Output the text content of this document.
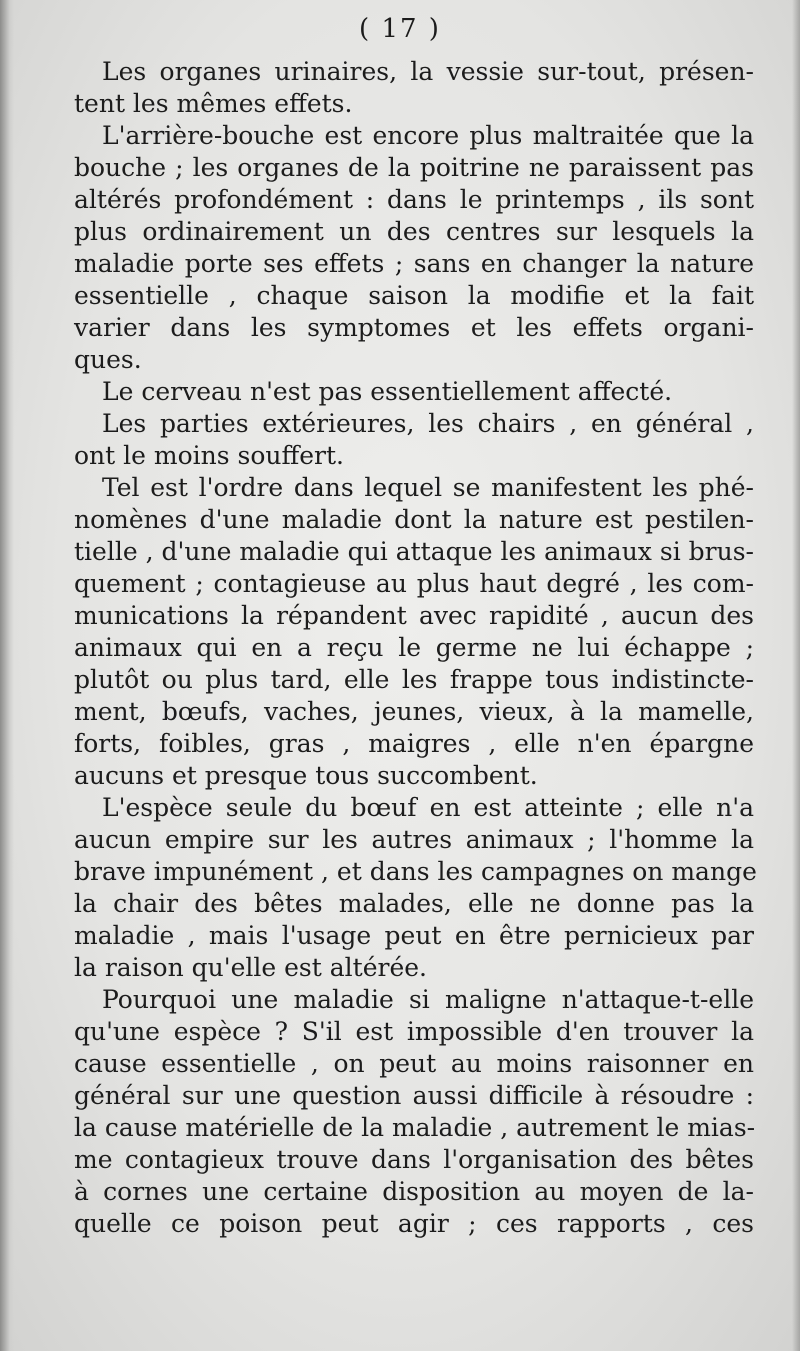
( 17 )
Les organes urinaires, la vessie sur-tout, présen-
tent les mêmes effets.
L'arrière-bouche est encore plus maltraitée que la
bouche ; les organes de la poitrine ne paraissent pas
altérés profondément : dans le printemps , ils sont
plus ordinairement un des centres sur lesquels la
maladie porte ses effets ; sans en changer la nature
essentielle , chaque saison la modifie et la fait
varier dans les symptomes et les effets organi-
ques.
Le cerveau n'est pas essentiellement affecté.
Les parties extérieures, les chairs , en général ,
ont le moins souffert.
Tel est l'ordre dans lequel se manifestent les phé-
nomènes d'une maladie dont la nature est pestilen-
tielle , d'une maladie qui attaque les animaux si brus-
quement ; contagieuse au plus haut degré , les com-
munications la répandent avec rapidité , aucun des
animaux qui en a reçu le germe ne lui échappe ;
plutôt ou plus tard, elle les frappe tous indistincte-
ment, bœufs, vaches, jeunes, vieux, à la mamelle,
forts, foibles, gras , maigres , elle n'en épargne
aucuns et presque tous succombent.
L'espèce seule du bœuf en est atteinte ; elle n'a
aucun empire sur les autres animaux ; l'homme la
brave impunément , et dans les campagnes on mange
la chair des bêtes malades, elle ne donne pas la
maladie , mais l'usage peut en être pernicieux par
la raison qu'elle est altérée.
Pourquoi une maladie si maligne n'attaque-t-elle
qu'une espèce ? S'il est impossible d'en trouver la
cause essentielle , on peut au moins raisonner en
général sur une question aussi difficile à résoudre :
la cause matérielle de la maladie , autrement le mias-
me contagieux trouve dans l'organisation des bêtes
à cornes une certaine disposition au moyen de la-
quelle ce poison peut agir ; ces rapports , ces
